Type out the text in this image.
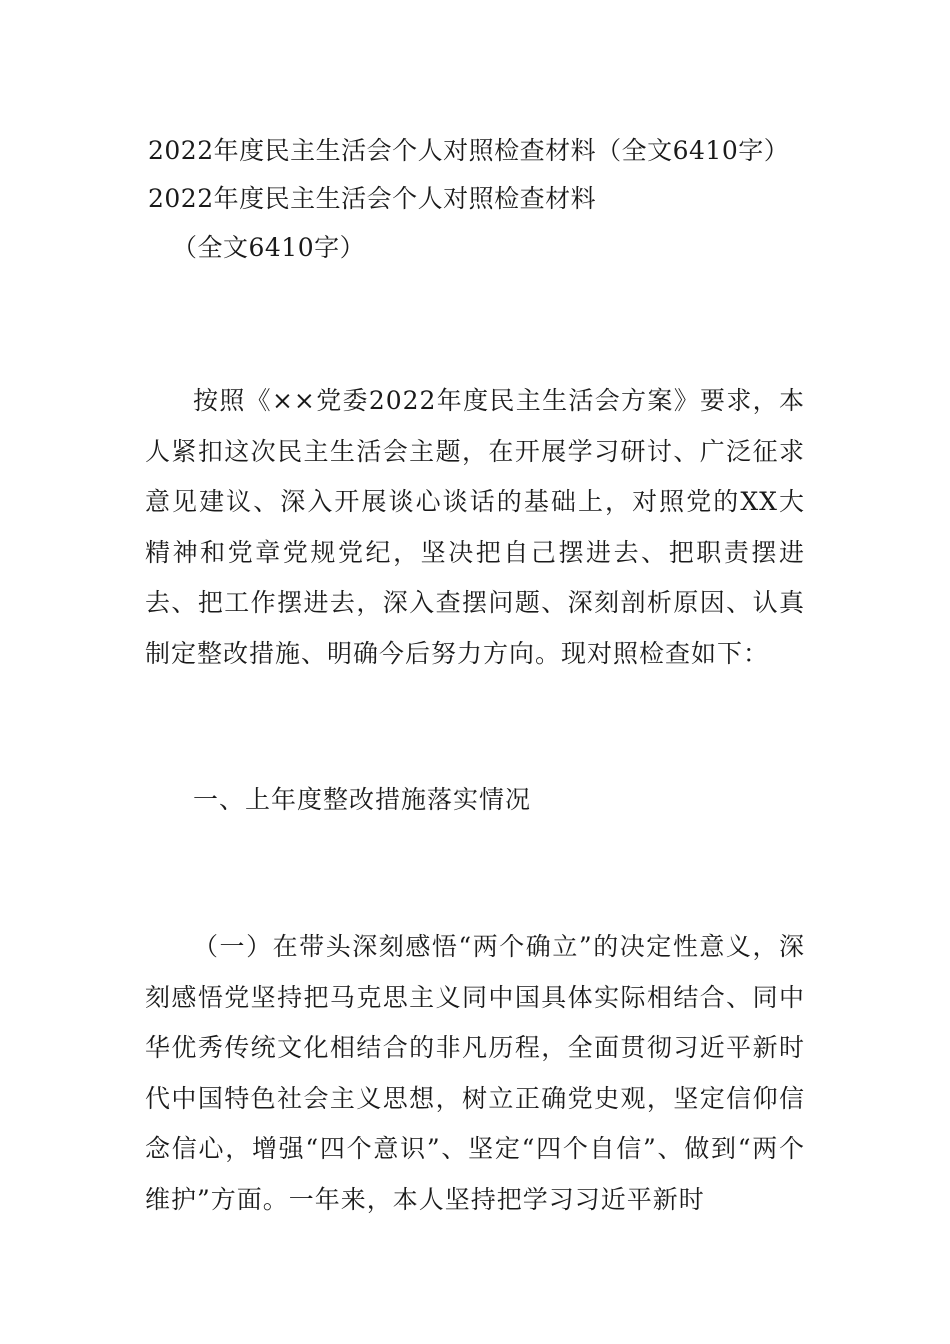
2022年度民主生活会个人对照检查材料（全文6410字）
2022年度民主生活会个人对照检查材料
（全文6410字）

按照《××党委2022年度民主生活会方案》要求，本人紧扣这次民主生活会主题，在开展学习研讨、广泛征求意见建议、深入开展谈心谈话的基础上，对照党的XX大精神和党章党规党纪，坚决把自己摆进去、把职责摆进去、把工作摆进去，深入查摆问题、深刻剖析原因、认真制定整改措施、明确今后努力方向。现对照检查如下：

一、上年度整改措施落实情况

（一）在带头深刻感悟“两个确立”的决定性意义，深刻感悟党坚持把马克思主义同中国具体实际相结合、同中华优秀传统文化相结合的非凡历程，全面贯彻习近平新时代中国特色社会主义思想，树立正确党史观，坚定信仰信念信心，增强“四个意识”、坚定“四个自信”、做到“两个维护”方面。一年来，本人坚持把学习习近平新时
